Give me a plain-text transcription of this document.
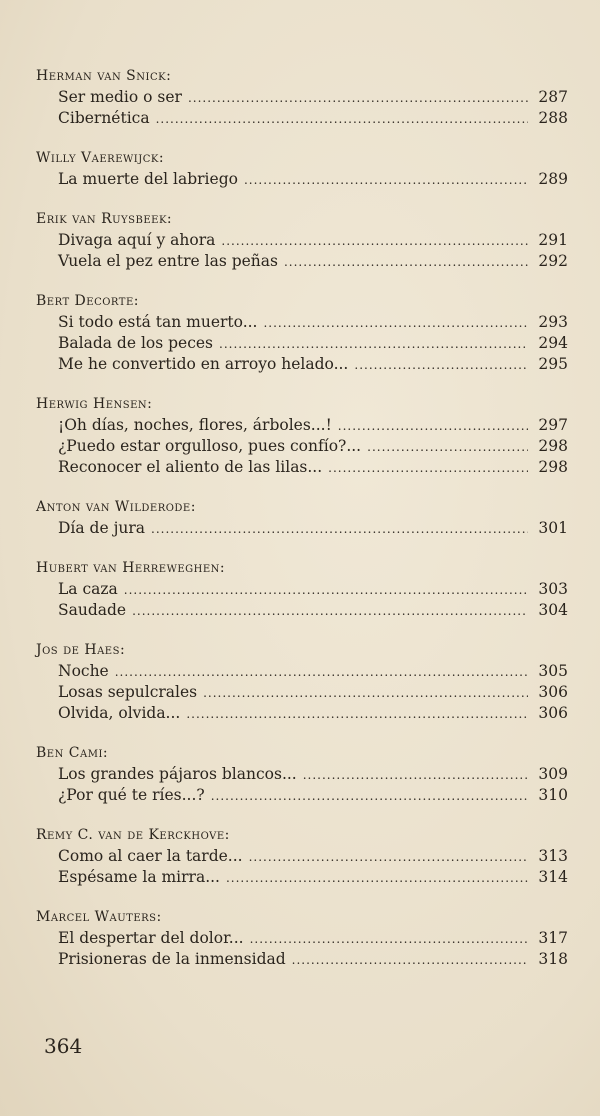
Herman van Snick:
Ser medio o ser .....	287
Cibernética .....	288
Willy Vaerewijck:
La muerte del labriego .....	289
Erik van Ruysbeek:
Divaga aquí y ahora .....	291
Vuela el pez entre las peñas .....	292
Bert Decorte:
Si todo está tan muerto... .....	293
Balada de los peces .....	294
Me he convertido en arroyo helado... .....	295
Herwig Hensen:
¡Oh días, noches, flores, árboles...! .....	297
¿Puedo estar orgulloso, pues confío?... .....	298
Reconocer el aliento de las lilas... .....	298
Anton van Wilderode:
Día de jura .....	301
Hubert van Herreweghen:
La caza .....	303
Saudade .....	304
Jos de Haes:
Noche .....	305
Losas sepulcrales .....	306
Olvida, olvida... .....	306
Ben Cami:
Los grandes pájaros blancos... .....	309
¿Por qué te ríes...? .....	310
Remy C. van de Kerckhove:
Como al caer la tarde... .....	313
Espésame la mirra... .....	314
Marcel Wauters:
El despertar del dolor... .....	317
Prisioneras de la inmensidad .....	318
364
